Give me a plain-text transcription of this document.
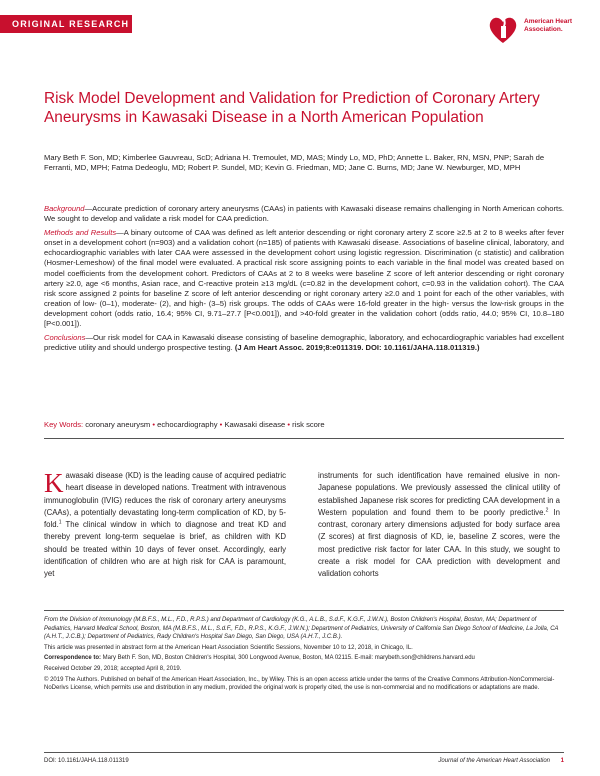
ORIGINAL RESEARCH	American Heart Association.
Risk Model Development and Validation for Prediction of Coronary Artery Aneurysms in Kawasaki Disease in a North American Population
Mary Beth F. Son, MD; Kimberlee Gauvreau, ScD; Adriana H. Tremoulet, MD, MAS; Mindy Lo, MD, PhD; Annette L. Baker, RN, MSN, PNP; Sarah de Ferranti, MD, MPH; Fatma Dedeoglu, MD; Robert P. Sundel, MD; Kevin G. Friedman, MD; Jane C. Burns, MD; Jane W. Newburger, MD, MPH

Background—Accurate prediction of coronary artery aneurysms (CAAs) in patients with Kawasaki disease remains challenging in North American cohorts. We sought to develop and validate a risk model for CAA prediction.

Methods and Results—A binary outcome of CAA was defined as left anterior descending or right coronary artery Z score ≥2.5 at 2 to 8 weeks after fever onset in a development cohort (n=903) and a validation cohort (n=185) of patients with Kawasaki disease. Associations of baseline clinical, laboratory, and echocardiographic variables with later CAA were assessed in the development cohort using logistic regression. Discrimination (c statistic) and calibration (Hosmer-Lemeshow) of the final model were evaluated. A practical risk score assigning points to each variable in the final model was created based on model coefficients from the development cohort. Predictors of CAAs at 2 to 8 weeks were baseline Z score of left anterior descending or right coronary artery ≥2.0, age <6 months, Asian race, and C-reactive protein ≥13 mg/dL (c=0.82 in the development cohort, c=0.93 in the validation cohort). The CAA risk score assigned 2 points for baseline Z score of left anterior descending or right coronary artery ≥2.0 and 1 point for each of the other variables, with creation of low- (0–1), moderate- (2), and high- (3–5) risk groups. The odds of CAAs were 16-fold greater in the high- versus the low-risk groups in the development cohort (odds ratio, 16.4; 95% CI, 9.71–27.7 [P<0.001]), and >40-fold greater in the validation cohort (odds ratio, 44.0; 95% CI, 10.8–180 [P<0.001]).

Conclusions—Our risk model for CAA in Kawasaki disease consisting of baseline demographic, laboratory, and echocardiographic variables had excellent predictive utility and should undergo prospective testing. (J Am Heart Assoc. 2019;8:e011319. DOI: 10.1161/JAHA.118.011319.)

Key Words: coronary aneurysm • echocardiography • Kawasaki disease • risk score

Kawasaki disease (KD) is the leading cause of acquired pediatric heart disease in developed nations. Treatment with intravenous immunoglobulin (IVIG) reduces the risk of coronary artery aneurysms (CAAs), a potentially devastating long-term complication of KD, by 5-fold.$^1$ The clinical window in which to diagnose and treat KD and thereby prevent long-term sequelae is brief, as children with KD should be treated within 10 days of fever onset. Accordingly, early identification of children who are at high risk for CAA is paramount, yet

instruments for such identification have remained elusive in non-Japanese populations. We previously assessed the clinical utility of established Japanese risk scores for predicting CAA development in a Western population and found them to be poorly predictive.$^2$ In contrast, coronary artery dimensions adjusted for body surface area (Z scores) at first diagnosis of KD, ie, baseline Z scores, were the most predictive risk factor for later CAA. In this study, we sought to create a risk model for CAA prediction with development and validation cohorts

From the Division of Immunology (M.B.F.S., M.L., F.D., R.P.S.) and Department of Cardiology (K.G., A.L.B., S.d.F., K.G.F., J.W.N.), Boston Children's Hospital, Boston, MA; Department of Pediatrics, Harvard Medical School, Boston, MA (M.B.F.S., M.L., S.d.F., F.D., R.P.S., K.G.F., J.W.N.); Department of Pediatrics, University of California San Diego School of Medicine, La Jolla, CA (A.H.T., J.C.B.); Department of Pediatrics, Rady Children's Hospital San Diego, San Diego, USA (A.H.T., J.C.B.).

This article was presented in abstract form at the American Heart Association Scientific Sessions, November 10 to 12, 2018, in Chicago, IL.

Correspondence to: Mary Beth F. Son, MD, Boston Children's Hospital, 300 Longwood Avenue, Boston, MA 02115. E-mail: marybeth.son@childrens.harvard.edu

Received October 29, 2018; accepted April 8, 2019.

© 2019 The Authors. Published on behalf of the American Heart Association, Inc., by Wiley. This is an open access article under the terms of the Creative Commons Attribution-NonCommercial-NoDerivs License, which permits use and distribution in any medium, provided the original work is properly cited, the use is non-commercial and no modifications or adaptations are made.

DOI: 10.1161/JAHA.118.011319	Journal of the American Heart Association 1
